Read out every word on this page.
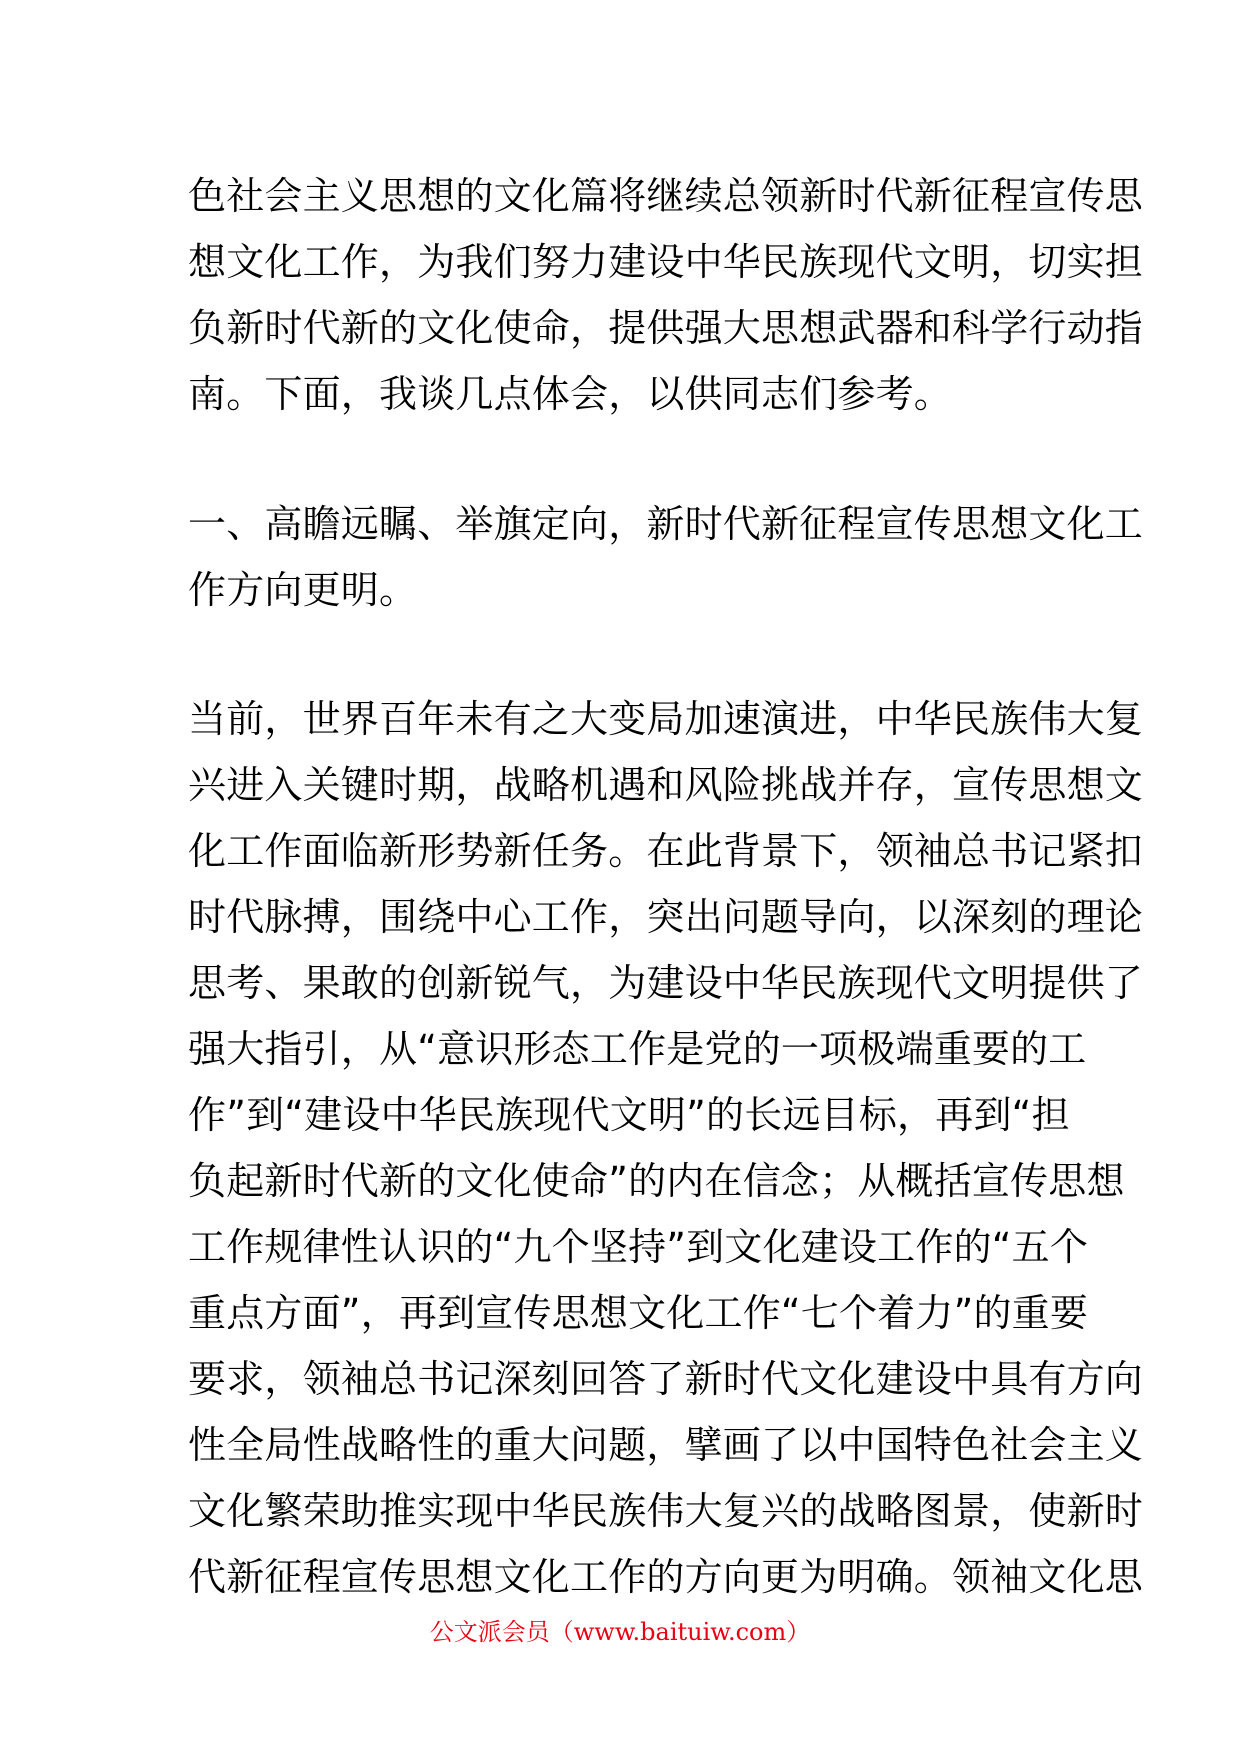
色社会主义思想的文化篇将继续总领新时代新征程宣传思
想文化工作，为我们努力建设中华民族现代文明，切实担
负新时代新的文化使命，提供强大思想武器和科学行动指
南。下面，我谈几点体会，以供同志们参考。
一、高瞻远瞩、举旗定向，新时代新征程宣传思想文化工
作方向更明。
当前，世界百年未有之大变局加速演进，中华民族伟大复
兴进入关键时期，战略机遇和风险挑战并存，宣传思想文
化工作面临新形势新任务。在此背景下，领袖总书记紧扣
时代脉搏，围绕中心工作，突出问题导向，以深刻的理论
思考、果敢的创新锐气，为建设中华民族现代文明提供了
强大指引，从“意识形态工作是党的一项极端重要的工
作”到“建设中华民族现代文明”的长远目标，再到“担
负起新时代新的文化使命”的内在信念；从概括宣传思想
工作规律性认识的“九个坚持”到文化建设工作的“五个
重点方面”，再到宣传思想文化工作“七个着力”的重要
要求，领袖总书记深刻回答了新时代文化建设中具有方向
性全局性战略性的重大问题，擘画了以中国特色社会主义
文化繁荣助推实现中华民族伟大复兴的战略图景，使新时
代新征程宣传思想文化工作的方向更为明确。领袖文化思
公文派会员（www.baituiw.com）
